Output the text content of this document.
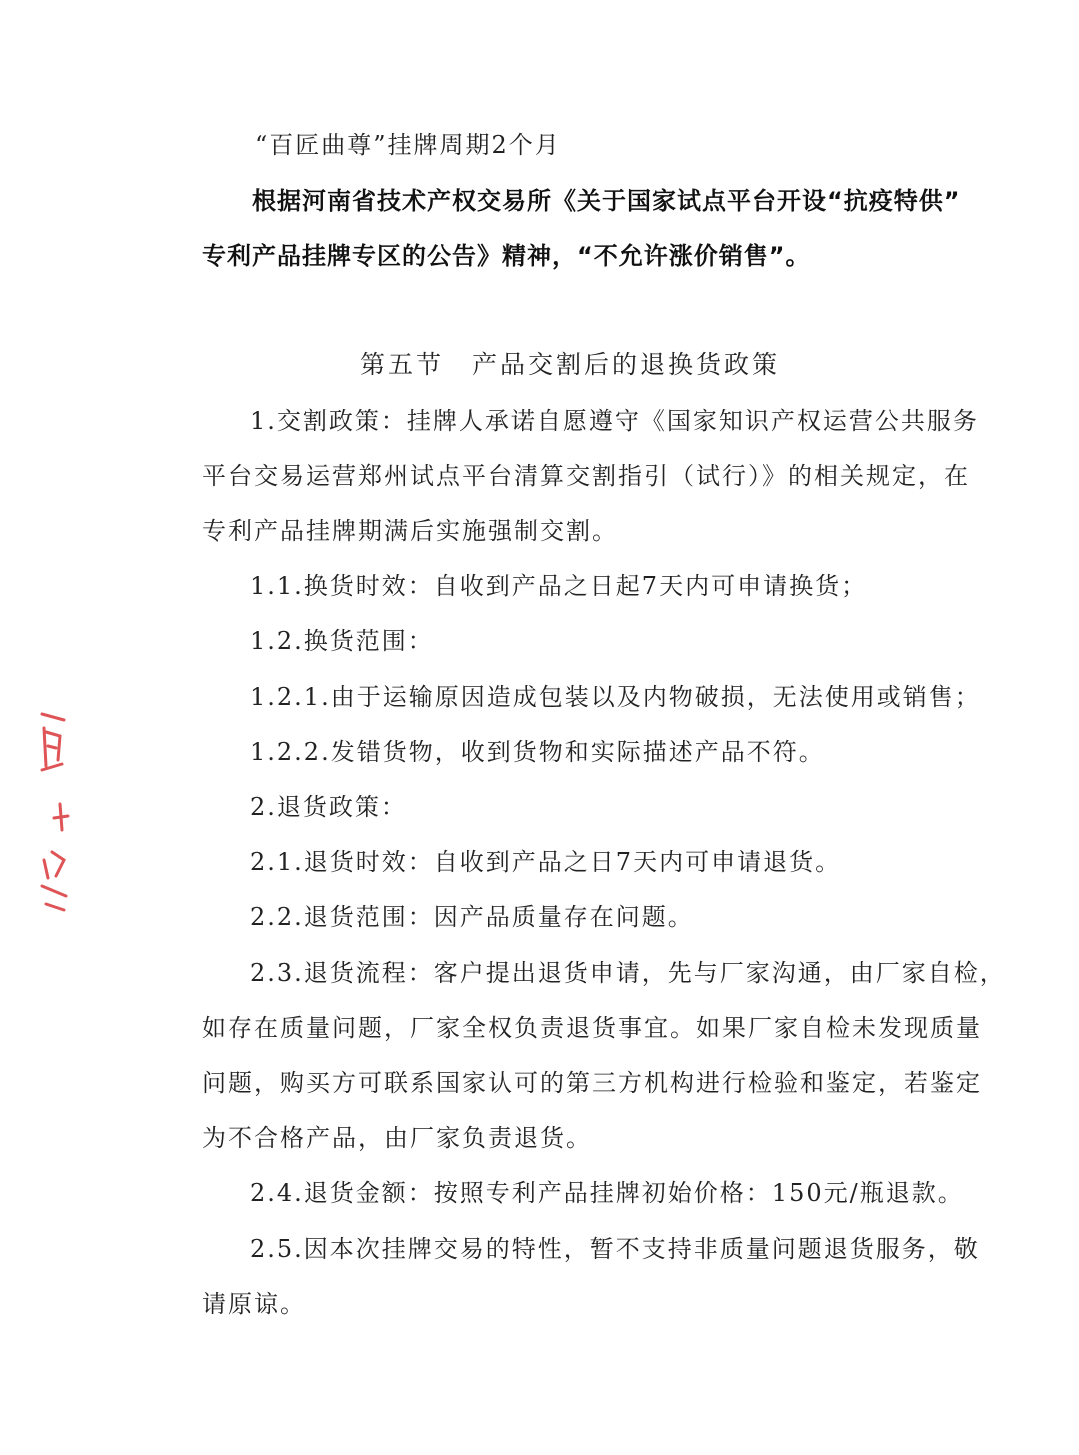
“百匠曲尊”挂牌周期2个月
根据河南省技术产权交易所《关于国家试点平台开设“抗疫特供”
专利产品挂牌专区的公告》精神，“不允许涨价销售”。
第五节　产品交割后的退换货政策
1.交割政策：挂牌人承诺自愿遵守《国家知识产权运营公共服务
平台交易运营郑州试点平台清算交割指引（试行）》的相关规定，在
专利产品挂牌期满后实施强制交割。
1.1.换货时效：自收到产品之日起7天内可申请换货；
1.2.换货范围：
1.2.1.由于运输原因造成包装以及内物破损，无法使用或销售；
1.2.2.发错货物，收到货物和实际描述产品不符。
2.退货政策：
2.1.退货时效：自收到产品之日7天内可申请退货。
2.2.退货范围：因产品质量存在问题。
2.3.退货流程：客户提出退货申请，先与厂家沟通，由厂家自检，
如存在质量问题，厂家全权负责退货事宜。如果厂家自检未发现质量
问题，购买方可联系国家认可的第三方机构进行检验和鉴定，若鉴定
为不合格产品，由厂家负责退货。
2.4.退货金额：按照专利产品挂牌初始价格：150元/瓶退款。
2.5.因本次挂牌交易的特性，暂不支持非质量问题退货服务，敬
请原谅。
